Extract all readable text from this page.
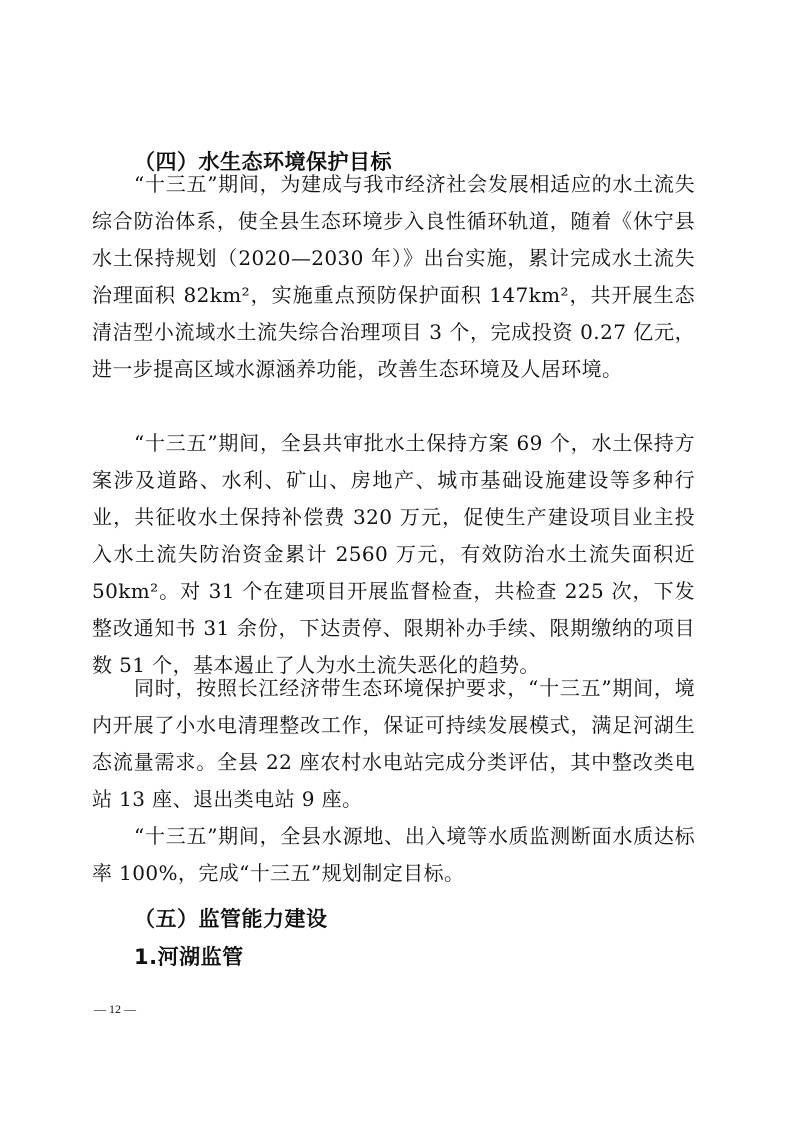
（四）水生态环境保护目标

“十三五”期间，为建成与我市经济社会发展相适应的水土流失综合防治体系，使全县生态环境步入良性循环轨道，随着《休宁县水土保持规划（2020—2030 年）》出台实施，累计完成水土流失治理面积 82km²，实施重点预防保护面积 147km²，共开展生态清洁型小流域水土流失综合治理项目 3 个，完成投资 0.27 亿元，进一步提高区域水源涵养功能，改善生态环境及人居环境。

“十三五”期间，全县共审批水土保持方案 69 个，水土保持方案涉及道路、水利、矿山、房地产、城市基础设施建设等多种行业，共征收水土保持补偿费 320 万元，促使生产建设项目业主投入水土流失防治资金累计 2560 万元，有效防治水土流失面积近 50km²。对 31 个在建项目开展监督检查，共检查 225 次，下发整改通知书 31 余份，下达责停、限期补办手续、限期缴纳的项目数 51 个，基本遏止了人为水土流失恶化的趋势。

同时，按照长江经济带生态环境保护要求，“十三五”期间，境内开展了小水电清理整改工作，保证可持续发展模式，满足河湖生态流量需求。全县 22 座农村水电站完成分类评估，其中整改类电站 13 座、退出类电站 9 座。

“十三五”期间，全县水源地、出入境等水质监测断面水质达标率 100%，完成“十三五”规划制定目标。

（五）监管能力建设
1.河湖监管
— 12 —
